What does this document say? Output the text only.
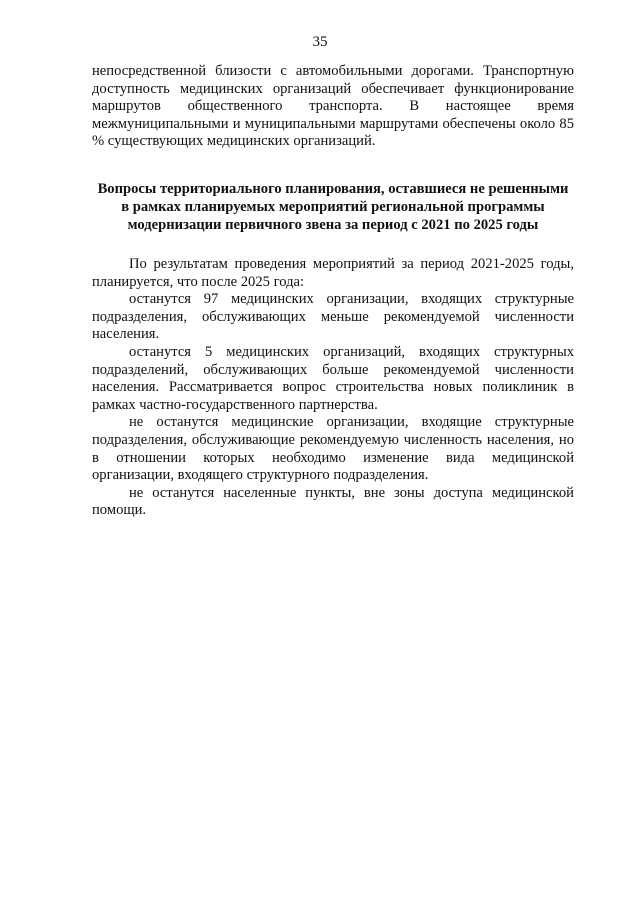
35

непосредственной близости с автомобильными дорогами. Транспортную доступность медицинских организаций обеспечивает функционирование маршрутов общественного транспорта. В настоящее время межмуниципальными и муниципальными маршрутами обеспечены около 85 % существующих медицинских организаций.

Вопросы территориального планирования, оставшиеся не решенными в рамках планируемых мероприятий региональной программы модернизации первичного звена за период с 2021 по 2025 годы

По результатам проведения мероприятий за период 2021-2025 годы, планируется, что после 2025 года:

останутся 97 медицинских организации, входящих структурные подразделения, обслуживающих меньше рекомендуемой численности населения.

останутся 5 медицинских организаций, входящих структурных подразделений, обслуживающих больше рекомендуемой численности населения. Рассматривается вопрос строительства новых поликлиник в рамках частно-государственного партнерства.

не останутся медицинские организации, входящие структурные подразделения, обслуживающие рекомендуемую численность населения, но в отношении которых необходимо изменение вида медицинской организации, входящего структурного подразделения.

не останутся населенные пункты, вне зоны доступа медицинской помощи.
